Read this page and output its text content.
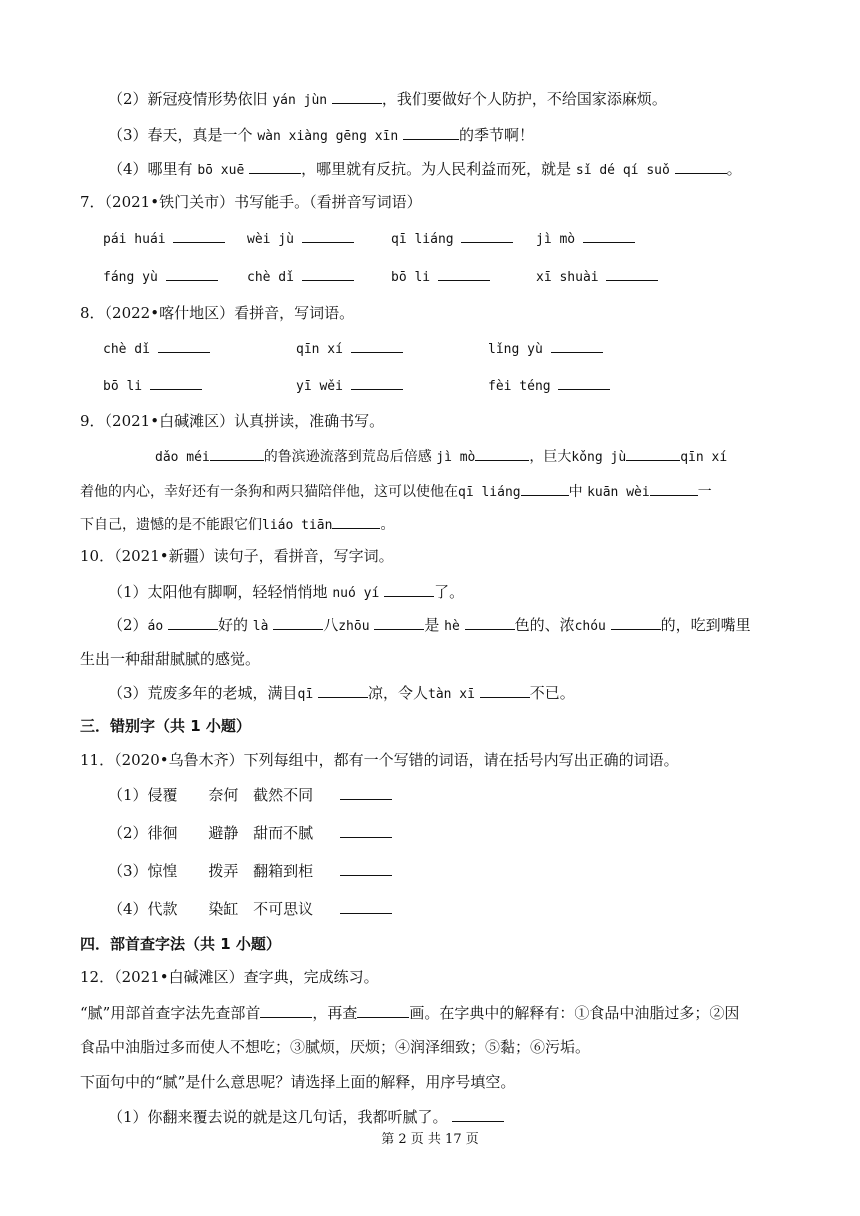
（2）新冠疫情形势依旧 yán jùn	，我们要做好个人防护，不给国家添麻烦。
（3）春天，真是一个 wàn xiàng gēng xīn	的季节啊！
（4）哪里有 bō xuē	，哪里就有反抗。为人民利益而死，就是 sǐ dé qí suǒ	。
7．（2021•铁门关市）书写能手。（看拼音写词语）
pái huái	wèi jù	qī liáng	jì mò
fáng yù	chè dǐ	bō li	xī shuài
8．（2022•喀什地区）看拼音，写词语。
chè dǐ	qīn xí	lǐng yù
bō li	yī wěi	fèi téng
9．（2021•白碱滩区）认真拼读，准确书写。
dǎo méi	的鲁滨逊流落到荒岛后倍感 jì mò	，巨大kǒng jù	qīn xí
着他的内心，幸好还有一条狗和两只猫陪伴他，这可以使他在qī liáng	中 kuān wèi	一
下自己，遗憾的是不能跟它们liáo tiān	。
10．（2021•新疆）读句子，看拼音，写字词。
（1）太阳他有脚啊，轻轻悄悄地 nuó yí	了。
（2）áo	好的 là	八zhōu	是 hè	色的、浓chóu	的，吃到嘴里
生出一种甜甜腻腻的感觉。
（3）荒废多年的老城，满目qī	凉，令人tàn xī	不已。
三．错别字（共 1 小题）
11．（2020•乌鲁木齐）下列每组中，都有一个写错的词语，请在括号内写出正确的词语。
（1）侵覆 奈何 截然不同
（2）徘徊 避静 甜而不腻
（3）惊惶 拨弄 翻箱到柜
（4）代款 染缸 不可思议
四．部首查字法（共 1 小题）
12．（2021•白碱滩区）查字典，完成练习。
“腻”用部首查字法先查部首	，再查	画。在字典中的解释有：①食品中油脂过多；②因
食品中油脂过多而使人不想吃；③腻烦，厌烦；④润泽细致；⑤黏；⑥污垢。
下面句中的“腻”是什么意思呢？请选择上面的解释，用序号填空。
（1）你翻来覆去说的就是这几句话，我都听腻了。
第 2 页 共 17 页
